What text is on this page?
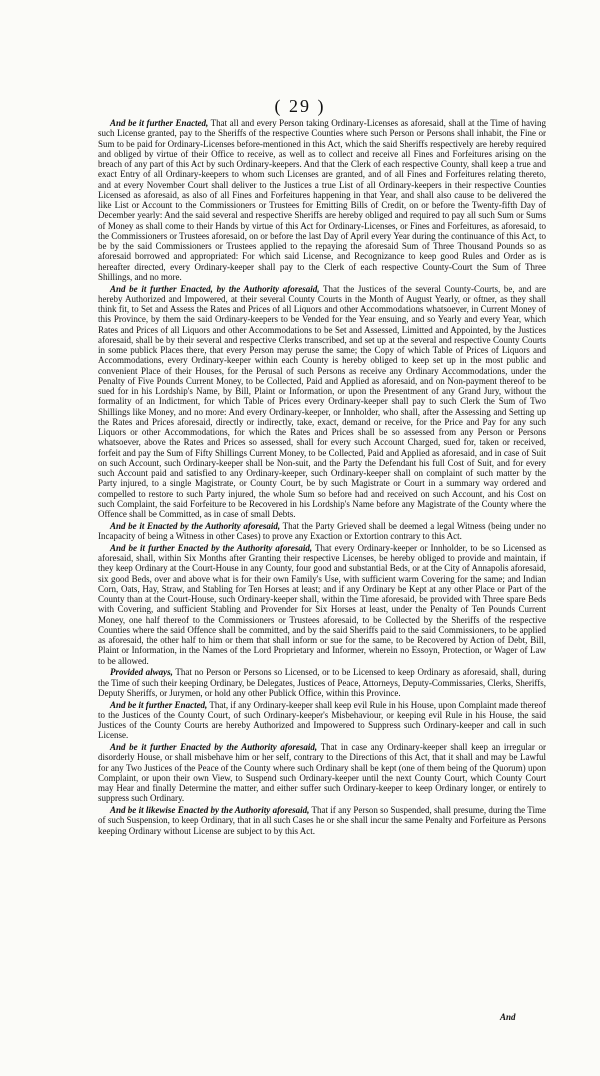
( 29 )

And be it further Enacted, That all and every Person taking Ordinary-Licenses as aforesaid, shall at the Time of having such License granted, pay to the Sheriffs of the respective Counties where such Person or Persons shall inhabit, the Fine or Sum to be paid for Ordinary-Licenses before-mentioned in this Act, which the said Sheriffs respectively are hereby required and obliged by virtue of their Office to receive, as well as to collect and receive all Fines and Forfeitures arising on the breach of any part of this Act by such Ordinary-keepers. And that the Clerk of each respective County, shall keep a true and exact Entry of all Ordinary-keepers to whom such Licenses are granted, and of all Fines and Forfeitures relating thereto, and at every November Court shall deliver to the Justices a true List of all Ordinary-keepers in their respective Counties Licensed as aforesaid, as also of all Fines and Forfeitures happening in that Year, and shall also cause to be delivered the like List or Account to the Commissioners or Trustees for Emitting Bills of Credit, on or before the Twenty-fifth Day of December yearly: And the said several and respective Sheriffs are hereby obliged and required to pay all such Sum or Sums of Money as shall come to their Hands by virtue of this Act for Ordinary-Licenses, or Fines and Forfeitures, as aforesaid, to the Commissioners or Trustees aforesaid, on or before the last Day of April every Year during the continuance of this Act, to be by the said Commissioners or Trustees applied to the repaying the aforesaid Sum of Three Thousand Pounds so as aforesaid borrowed and appropriated: For which said License, and Recognizance to keep good Rules and Order as is hereafter directed, every Ordinary-keeper shall pay to the Clerk of each respective County-Court the Sum of Three Shillings, and no more.

And be it further Enacted, by the Authority aforesaid, That the Justices of the several County-Courts, be, and are hereby Authorized and Impowered, at their several County Courts in the Month of August Yearly, or oftner, as they shall think fit, to Set and Assess the Rates and Prices of all Liquors and other Accommodations whatsoever, in Current Money of this Province, by them the said Ordinary-keepers to be Vended for the Year ensuing, and so Yearly and every Year, which Rates and Prices of all Liquors and other Accommodations to be Set and Assessed, Limitted and Appointed, by the Justices aforesaid, shall be by their several and respective Clerks transcribed, and set up at the several and respective County Courts in some publick Places there, that every Person may peruse the same; the Copy of which Table of Prices of Liquors and Accommodations, every Ordinary-keeper within each County is hereby obliged to keep set up in the most public and convenient Place of their Houses, for the Perusal of such Persons as receive any Ordinary Accommodations, under the Penalty of Five Pounds Current Money, to be Collected, Paid and Applied as aforesaid, and on Non-payment thereof to be sued for in his Lordship's Name, by Bill, Plaint or Information, or upon the Presentment of any Grand Jury, without the formality of an Indictment, for which Table of Prices every Ordinary-keeper shall pay to such Clerk the Sum of Two Shillings like Money, and no more: And every Ordinary-keeper, or Innholder, who shall, after the Assessing and Setting up the Rates and Prices aforesaid, directly or indirectly, take, exact, demand or receive, for the Price and Pay for any such Liquors or other Accommodations, for which the Rates and Prices shall be so assessed from any Person or Persons whatsoever, above the Rates and Prices so assessed, shall for every such Account Charged, sued for, taken or received, forfeit and pay the Sum of Fifty Shillings Current Money, to be Collected, Paid and Applied as aforesaid, and in case of Suit on such Account, such Ordinary-keeper shall be Non-suit, and the Party the Defendant his full Cost of Suit, and for every such Account paid and satisfied to any Ordinary-keeper, such Ordinary-keeper shall on complaint of such matter by the Party injured, to a single Magistrate, or County Court, be by such Magistrate or Court in a summary way ordered and compelled to restore to such Party injured, the whole Sum so before had and received on such Account, and his Cost on such Complaint, the said Forfeiture to be Recovered in his Lordship's Name before any Magistrate of the County where the Offence shall be Committed, as in case of small Debts.

And be it Enacted by the Authority aforesaid, That the Party Grieved shall be deemed a legal Witness (being under no Incapacity of being a Witness in other Cases) to prove any Exaction or Extortion contrary to this Act.

And be it further Enacted by the Authority aforesaid, That every Ordinary-keeper or Innholder, to be so Licensed as aforesaid, shall, within Six Months after Granting their respective Licenses, be hereby obliged to provide and maintain, if they keep Ordinary at the Court-House in any County, four good and substantial Beds, or at the City of Annapolis aforesaid, six good Beds, over and above what is for their own Family's Use, with sufficient warm Covering for the same; and Indian Corn, Oats, Hay, Straw, and Stabling for Ten Horses at least; and if any Ordinary be Kept at any other Place or Part of the County than at the Court-House, such Ordinary-keeper shall, within the Time aforesaid, be provided with Three spare Beds with Covering, and sufficient Stabling and Provender for Six Horses at least, under the Penalty of Ten Pounds Current Money, one half thereof to the Commissioners or Trustees aforesaid, to be Collected by the Sheriffs of the respective Counties where the said Offence shall be committed, and by the said Sheriffs paid to the said Commissioners, to be applied as aforesaid, the other half to him or them that shall inform or sue for the same, to be Recovered by Action of Debt, Bill, Plaint or Information, in the Names of the Lord Proprietary and Informer, wherein no Essoyn, Protection, or Wager of Law to be allowed.

Provided always, That no Person or Persons so Licensed, or to be Licensed to keep Ordinary as aforesaid, shall, during the Time of such their keeping Ordinary, be Delegates, Justices of Peace, Attorneys, Deputy-Commissaries, Clerks, Sheriffs, Deputy Sheriffs, or Jurymen, or hold any other Publick Office, within this Province.

And be it further Enacted, That, if any Ordinary-keeper shall keep evil Rule in his House, upon Complaint made thereof to the Justices of the County Court, of such Ordinary-keeper's Misbehaviour, or keeping evil Rule in his House, the said Justices of the County Courts are hereby Authorized and Impowered to Suppress such Ordinary-keeper and call in such License.

And be it further Enacted by the Authority aforesaid, That in case any Ordinary-keeper shall keep an irregular or disorderly House, or shall misbehave him or her self, contrary to the Directions of this Act, that it shall and may be Lawful for any Two Justices of the Peace of the County where such Ordinary shall be kept (one of them being of the Quorum) upon Complaint, or upon their own View, to Suspend such Ordinary-keeper until the next County Court, which County Court may Hear and finally Determine the matter, and either suffer such Ordinary-keeper to keep Ordinary longer, or entirely to suppress such Ordinary.

And be it likewise Enacted by the Authority aforesaid, That if any Person so Suspended, shall presume, during the Time of such Suspension, to keep Ordinary, that in all such Cases he or she shall incur the same Penalty and Forfeiture as Persons keeping Ordinary without License are subject to by this Act.

And
